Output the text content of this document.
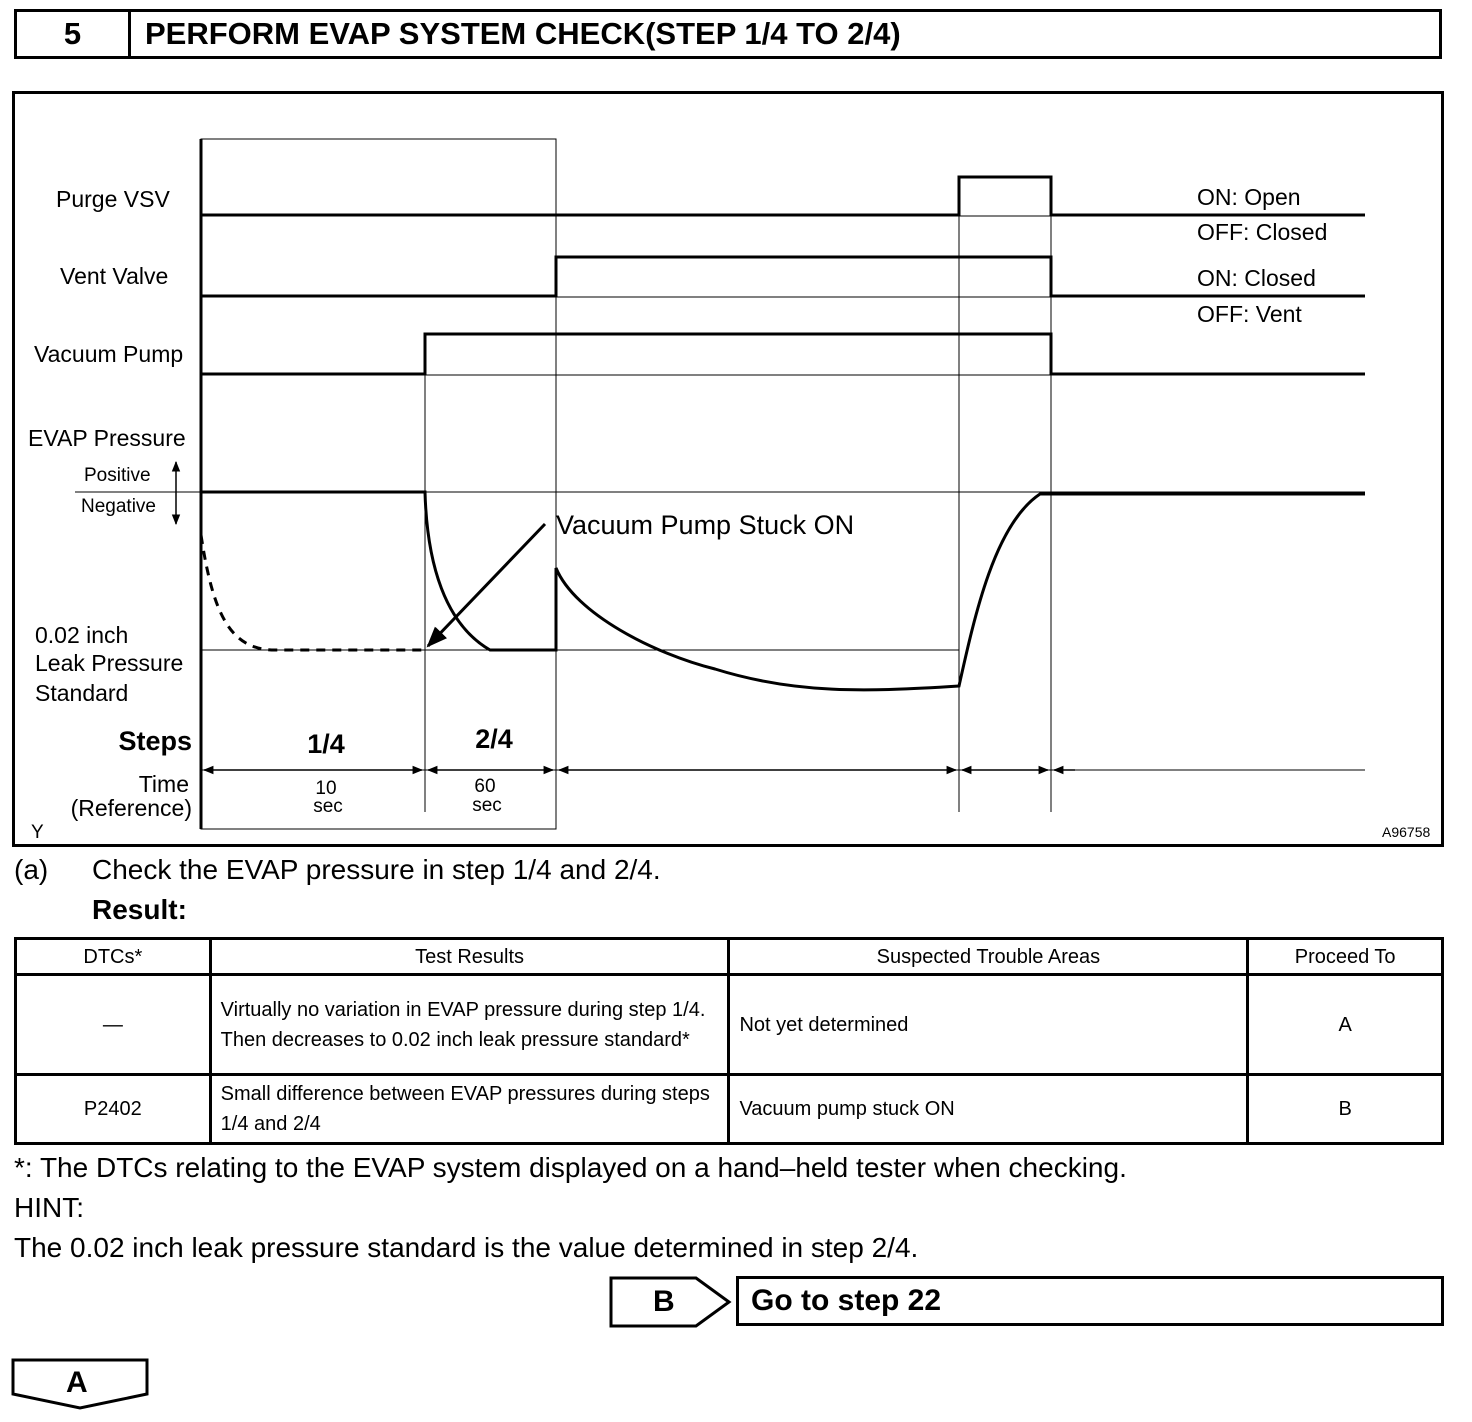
5	PERFORM EVAP SYSTEM CHECK(STEP 1/4 TO 2/4)
Purge VSV
Vent Valve
Vacuum Pump
EVAP Pressure
Positive
Negative
0.02 inch
Leak Pressure
Standard
Steps
Time
(Reference)
Y
ON: Open
OFF: Closed
ON: Closed
OFF: Vent
Vacuum Pump Stuck ON
1/4	2/4
10
sec
60
sec
A96758
(a) Check the EVAP pressure in step 1/4 and 2/4.
Result:
DTCs*	Test Results	Suspected Trouble Areas	Proceed To
—	Virtually no variation in EVAP pressure during step 1/4. Then decreases to 0.02 inch leak pressure standard*	Not yet determined	A
P2402	Small difference between EVAP pressures during steps 1/4 and 2/4	Vacuum pump stuck ON	B
*: The DTCs relating to the EVAP system displayed on a hand–held tester when checking.
HINT:
The 0.02 inch leak pressure standard is the value determined in step 2/4.
B	Go to step 22
A
